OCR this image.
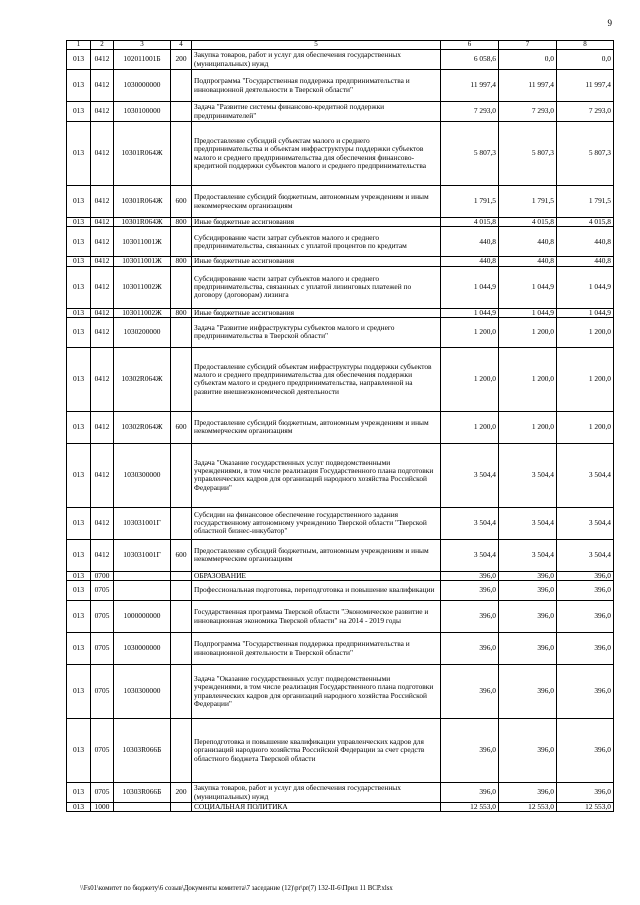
9
1	2	3	4	5	6	7	8
013	0412	102011001Б	200	Закупка товаров, работ и услуг для обеспечения государственных (муниципальных) нужд	6 058,6	0,0	0,0
013	0412	1030000000		Подпрограмма "Государственная поддержка предпринимательства и инновационной деятельности в Тверской области"	11 997,4	11 997,4	11 997,4
013	0412	1030100000		Задача "Развитие системы финансово-кредитной поддержки предпринимателей"	7 293,0	7 293,0	7 293,0
013	0412	10301R064Ж		Предоставление субсидий субъектам малого и среднего предпринимательства и объектам инфраструктуры поддержки субъектов малого и среднего предпринимательства для обеспечения финансово-кредитной поддержки субъектов малого и среднего предпринимательства	5 807,3	5 807,3	5 807,3
013	0412	10301R064Ж	600	Предоставление субсидий бюджетным, автономным учреждениям и иным некоммерческим организациям	1 791,5	1 791,5	1 791,5
013	0412	10301R064Ж	800	Иные бюджетные ассигнования	4 015,8	4 015,8	4 015,8
013	0412	103011001Ж		Субсидирование части затрат субъектов малого и среднего предпринимательства, связанных с уплатой процентов по кредитам	440,8	440,8	440,8
013	0412	103011001Ж	800	Иные бюджетные ассигнования	440,8	440,8	440,8
013	0412	103011002Ж		Субсидирование части затрат субъектов малого и среднего предпринимательства, связанных с уплатой лизинговых платежей по договору (договорам) лизинга	1 044,9	1 044,9	1 044,9
013	0412	103011002Ж	800	Иные бюджетные ассигнования	1 044,9	1 044,9	1 044,9
013	0412	1030200000		Задача "Развитие инфраструктуры субъектов малого и среднего предпринимательства в Тверской области"	1 200,0	1 200,0	1 200,0
013	0412	10302R064Ж		Предоставление субсидий объектам инфраструктуры поддержки субъектов малого и среднего предпринимательства для обеспечения поддержки субъектам малого и среднего предпринимательства, направленной на развитие внешнеэкономической деятельности	1 200,0	1 200,0	1 200,0
013	0412	10302R064Ж	600	Предоставление субсидий бюджетным, автономным учреждениям и иным некоммерческим организациям	1 200,0	1 200,0	1 200,0
013	0412	1030300000		Задача "Оказание государственных услуг подведомственными учреждениями, в том числе реализация Государственного плана подготовки управленческих кадров для организаций народного хозяйства Российской Федерации"	3 504,4	3 504,4	3 504,4
013	0412	103031001Г		Субсидии на финансовое обеспечение государственного задания государственному автономному учреждению Тверской области "Тверской областной бизнес-инкубатор"	3 504,4	3 504,4	3 504,4
013	0412	103031001Г	600	Предоставление субсидий бюджетным, автономным учреждениям и иным некоммерческим организациям	3 504,4	3 504,4	3 504,4
013	0700			ОБРАЗОВАНИЕ	396,0	396,0	396,0
013	0705			Профессиональная подготовка, переподготовка и повышение квалификации	396,0	396,0	396,0
013	0705	1000000000		Государственная программа Тверской области "Экономическое развитие и инновационная экономика Тверской области" на 2014 - 2019 годы	396,0	396,0	396,0
013	0705	1030000000		Подпрограмма "Государственная поддержка предпринимательства и инновационной деятельности в Тверской области"	396,0	396,0	396,0
013	0705	1030300000		Задача "Оказание государственных услуг подведомственными учреждениями, в том числе реализация Государственного плана подготовки управленческих кадров для организаций народного хозяйства Российской Федерации"	396,0	396,0	396,0
013	0705	10303R066Б		Переподготовка и повышение квалификации управленческих кадров для организаций народного хозяйства Российской Федерации за счет средств областного бюджета Тверской области	396,0	396,0	396,0
013	0705	10303R066Б	200	Закупка товаров, работ и услуг для обеспечения государственных (муниципальных) нужд	396,0	396,0	396,0
013	1000			СОЦИАЛЬНАЯ ПОЛИТИКА	12 553,0	12 553,0	12 553,0
\\Fs01\комитет по бюджету\6 созыв\Документы комитета\7 заседание (12)\pr\pr(7) 132-II-6\Прил 11 ВСР.xlsx
